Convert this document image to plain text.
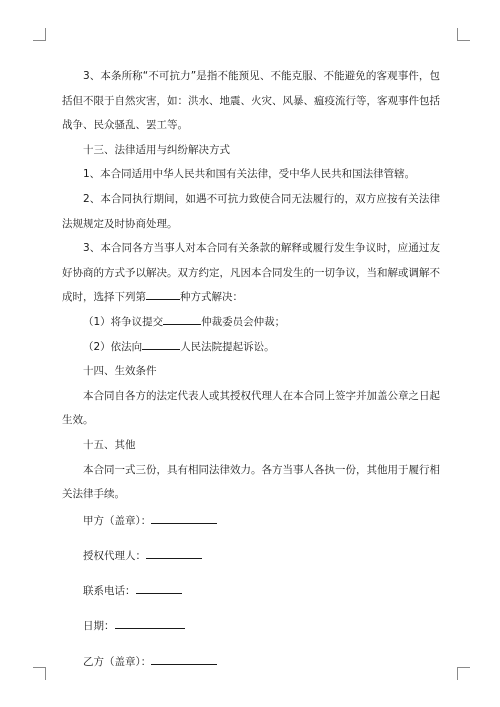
3、本条所称“不可抗力”是指不能预见、不能克服、不能避免的客观事件，包括但不限于自然灾害，如：洪水、地震、火灾、风暴、瘟疫流行等，客观事件包括战争、民众骚乱、罢工等。

十三、法律适用与纠纷解决方式

1、本合同适用中华人民共和国有关法律，受中华人民共和国法律管辖。

2、本合同执行期间，如遇不可抗力致使合同无法履行的，双方应按有关法律法规规定及时协商处理。

3、本合同各方当事人对本合同有关条款的解释或履行发生争议时，应通过友好协商的方式予以解决。双方约定，凡因本合同发生的一切争议，当和解或调解不成时，选择下列第	种方式解决：

（1）将争议提交	仲裁委员会仲裁；

（2）依法向	人民法院提起诉讼。

十四、生效条件

本合同自各方的法定代表人或其授权代理人在本合同上签字并加盖公章之日起生效。

十五、其他

本合同一式三份，具有相同法律效力。各方当事人各执一份，其他用于履行相关法律手续。

甲方（盖章）：

授权代理人：

联系电话：

日期：

乙方（盖章）：
